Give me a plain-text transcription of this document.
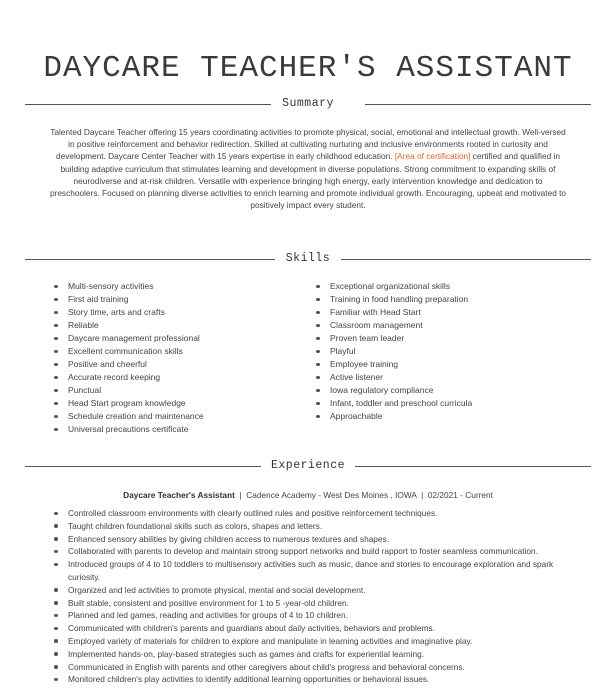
DAYCARE TEACHER'S ASSISTANT
Summary

Talented Daycare Teacher offering 15 years coordinating activities to promote physical, social, emotional and intellectual growth. Well-versed in positive reinforcement and behavior redirection. Skilled at cultivating nurturing and inclusive environments rooted in curiosity and development. Daycare Center Teacher with 15 years expertise in early childhood education. [Area of certification] certified and qualified in building adaptive curriculum that stimulates learning and development in diverse populations. Strong commitment to expanding skills of neurodiverse and at-risk children. Versatile with experience bringing high energy, early intervention knowledge and dedication to preschoolers. Focused on planning diverse activities to enrich learning and promote individual growth. Encouraging, upbeat and motivated to positively impact every student.

Skills
Multi-sensory activities
First aid training
Story time, arts and crafts
Reliable
Daycare management professional
Excellent communication skills
Positive and cheerful
Accurate record keeping
Punctual
Head Start program knowledge
Schedule creation and maintenance
Universal precautions certificate
Exceptional organizational skills
Training in food handling preparation
Familiar with Head Start
Classroom management
Proven team leader
Playful
Employee training
Active listener
Iowa regulatory compliance
Infant, toddler and preschool curricula
Approachable
Experience
Daycare Teacher's Assistant | Cadence Academy - West Des Moines , IOWA | 02/2021 - Current
Controlled classroom environments with clearly outlined rules and positive reinforcement techniques.
Taught children foundational skills such as colors, shapes and letters.
Enhanced sensory abilities by giving children access to numerous textures and shapes.
Collaborated with parents to develop and maintain strong support networks and build rapport to foster seamless communication.
Introduced groups of 4 to 10 toddlers to multisensory activities such as music, dance and stories to encourage exploration and spark curiosity.
Organized and led activities to promote physical, mental and social development.
Built stable, consistent and positive environment for 1 to 5 -year-old children.
Planned and led games, reading and activities for groups of 4 to 10 children.
Communicated with children's parents and guardians about daily activities, behaviors and problems.
Employed variety of materials for children to explore and manipulate in learning activities and imaginative play.
Implemented hands-on, play-based strategies such as games and crafts for experiential learning.
Communicated in English with parents and other caregivers about child's progress and behavioral concerns.
Monitored children's play activities to identify additional learning opportunities or behavioral issues.
